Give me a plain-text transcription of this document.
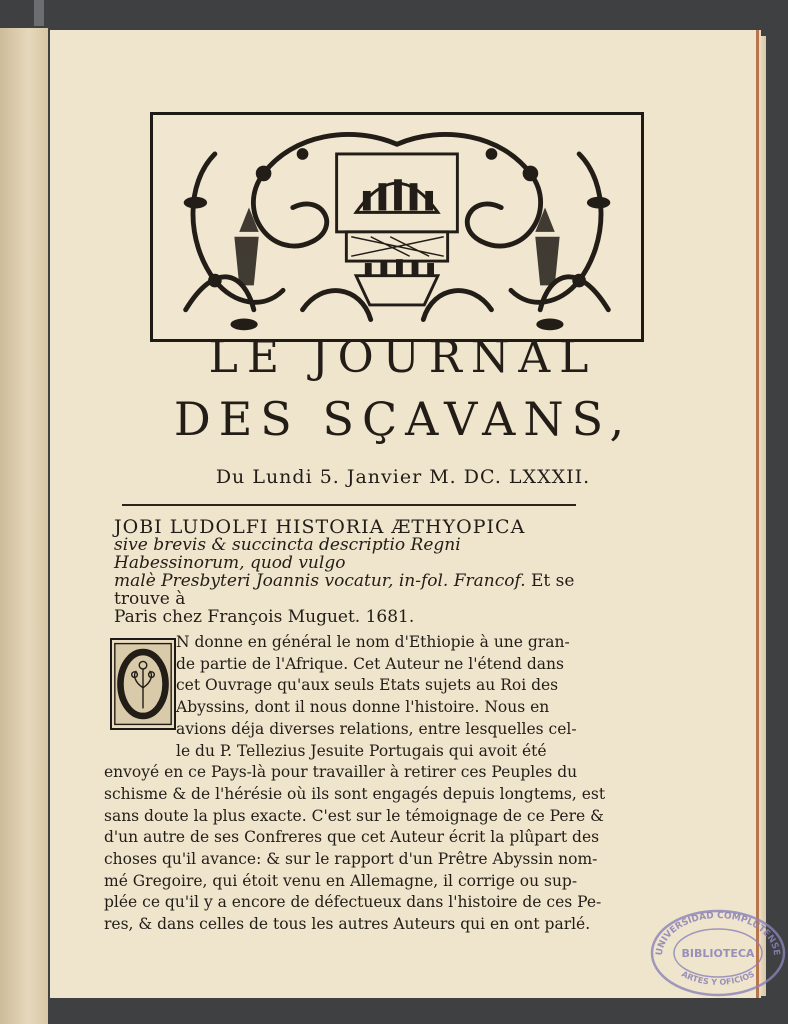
LE JOURNAL
DES SÇAVANS,
Du Lundi 5. Janvier M. DC. LXXXII.
JOBI LUDOLFI HISTORIA ÆTHYOPICA
sive brevis & succincta descriptio Regni Habessinorum, quod vulgo
malè Presbyteri Joannis vocatur, in-fol. Francof. Et se trouve à
Paris chez François Muguet. 1681.
N donne en général le nom d'Ethiopie à une gran-
de partie de l'Afrique. Cet Auteur ne l'étend dans
cet Ouvrage qu'aux seuls Etats sujets au Roi des
Abyssins, dont il nous donne l'histoire. Nous en
avions déja diverses relations, entre lesquelles cel-
le du P. Tellezius Jesuite Portugais qui avoit été
envoyé en ce Pays-là pour travailler à retirer ces Peuples du
schisme & de l'hérésie où ils sont engagés depuis longtems, est
sans doute la plus exacte. C'est sur le témoignage de ce Pere &
d'un autre de ses Confreres que cet Auteur écrit la plûpart des
choses qu'il avance: & sur le rapport d'un Prêtre Abyssin nom-
mé Gregoire, qui étoit venu en Allemagne, il corrige ou sup-
plée ce qu'il y a encore de défectueux dans l'histoire de ces Pe-
res, & dans celles de tous les autres Auteurs qui en ont parlé.
UNIVERSIDAD COMPLUTENSE
BIBLIOTECA
ARTES Y OFICIOS
